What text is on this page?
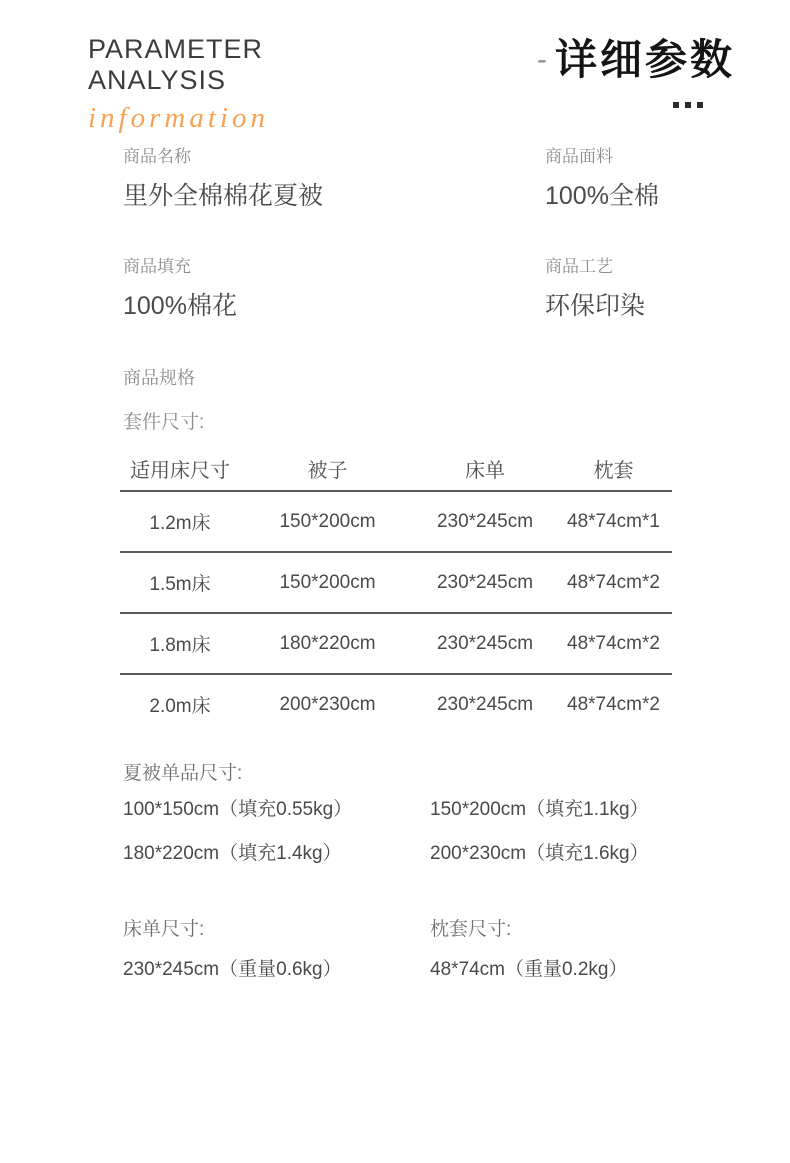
PARAMETER
ANALYSIS
information
- 详细参数
商品名称
里外全棉棉花夏被
商品面料
100%全棉
商品填充
100%棉花
商品工艺
环保印染
商品规格
套件尺寸:
适用床尺寸	被子	床单	枕套
1.2m床	150*200cm	230*245cm	48*74cm*1
1.5m床	150*200cm	230*245cm	48*74cm*2
1.8m床	180*220cm	230*245cm	48*74cm*2
2.0m床	200*230cm	230*245cm	48*74cm*2
夏被单品尺寸:
100*150cm（填充0.55kg）	150*200cm（填充1.1kg）
180*220cm（填充1.4kg）	200*230cm（填充1.6kg）
床单尺寸:
230*245cm（重量0.6kg）
枕套尺寸:
48*74cm（重量0.2kg）
